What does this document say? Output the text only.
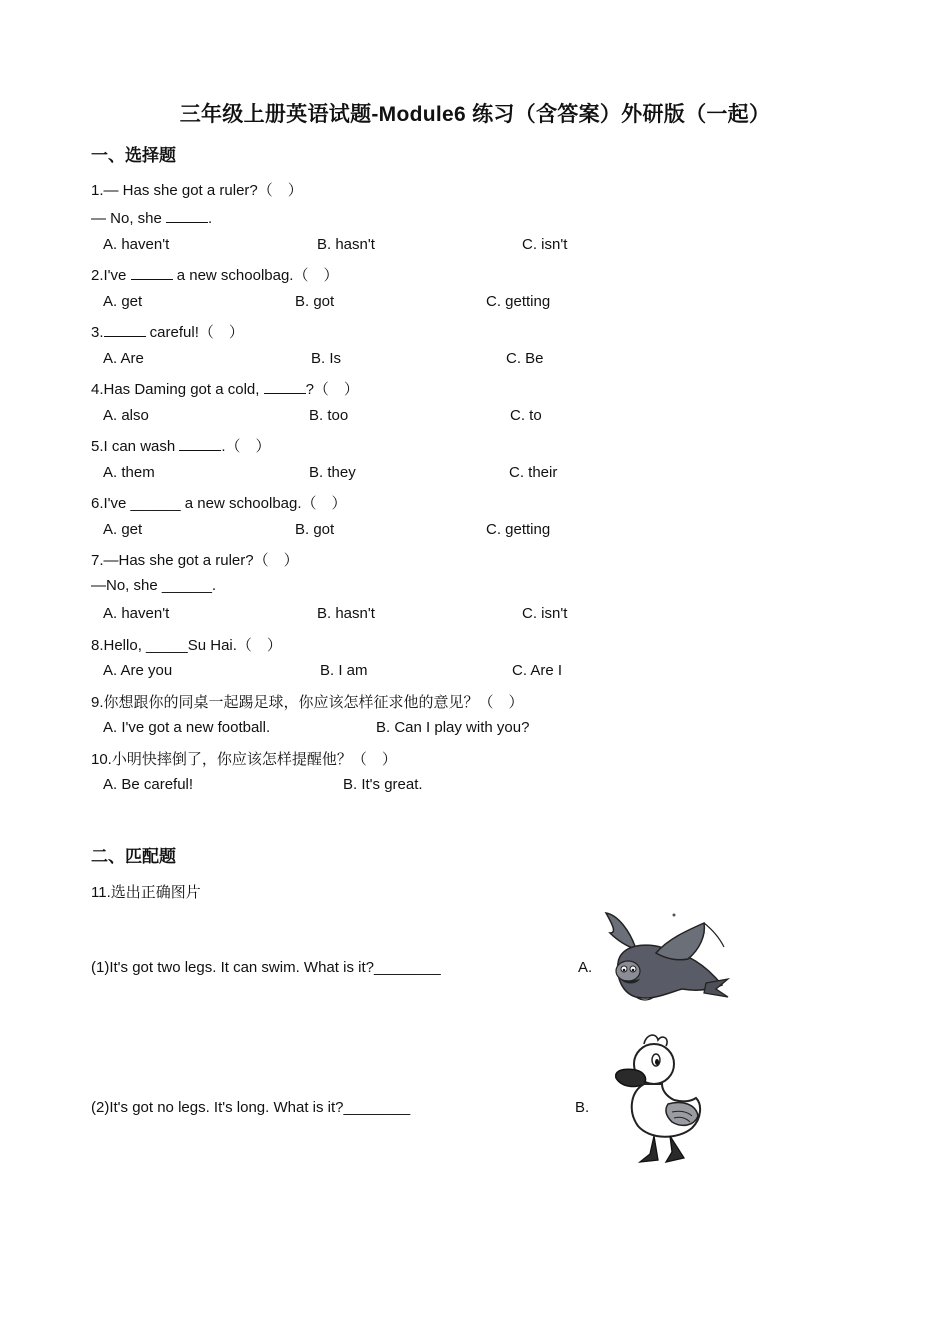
三年级上册英语试题-Module6 练习（含答案）外研版（一起）
一、选择题
1.— Has she got a ruler?（　）
— No, she	.
A. haven't	B. hasn't	C. isn't
2.I've	a new schoolbag.（　）
A. get	B. got	C. getting
3.	careful!（　）
A. Are	B. Is	C. Be
4.Has Daming got a cold,	?（　）
A. also	B. too	C. to
5.I can wash	.（　）
A. them	B. they	C. their
6.I've ______ a new schoolbag.（　）
A. get	B. got	C. getting
7.—Has she got a ruler?（　）
—No, she ______.
A. haven't	B. hasn't	C. isn't
8.Hello, _____Su Hai.（　）
A. Are you	B. I am	C. Are I
9.你想跟你的同桌一起踢足球，你应该怎样征求他的意见？（　）
A. I've got a new football.	B. Can I play with you?
10.小明快摔倒了，你应该怎样提醒他？（　）
A. Be careful!	B. It's great.
二、匹配题
11.选出正确图片
(1)It's got two legs. It can swim. What is it?________	A.
(2)It's got no legs. It's long. What is it?________	B.
